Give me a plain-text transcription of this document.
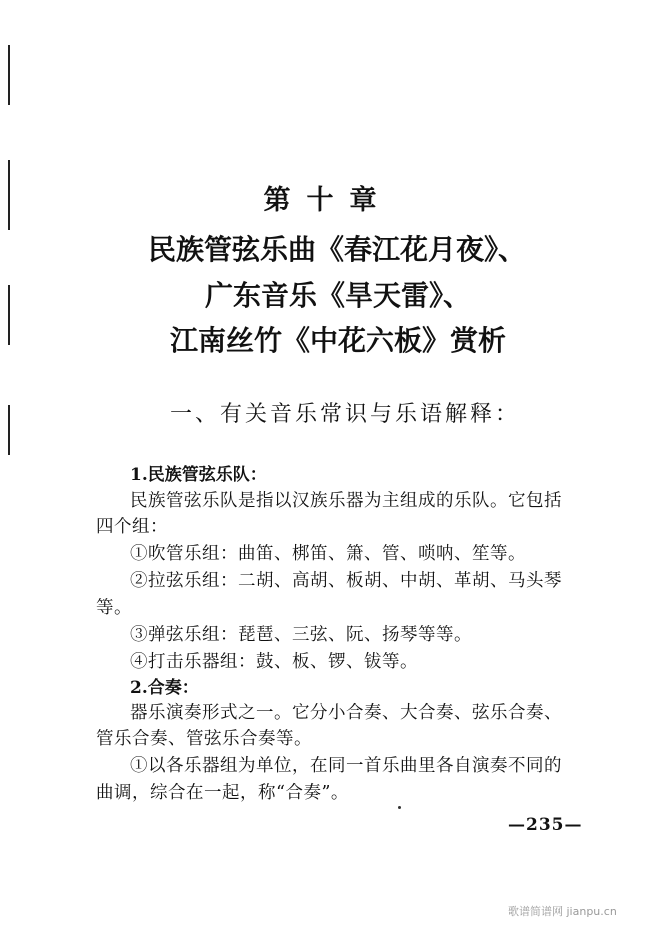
第十章
民族管弦乐曲《春江花月夜》、
广东音乐《旱天雷》、
江南丝竹《中花六板》赏析
一、有关音乐常识与乐语解释：
1.民族管弦乐队：
民族管弦乐队是指以汉族乐器为主组成的乐队。它包括
四个组：
①吹管乐组：曲笛、梆笛、箫、管、唢呐、笙等。
②拉弦乐组：二胡、高胡、板胡、中胡、革胡、马头琴
等。
③弹弦乐组：琵琶、三弦、阮、扬琴等等。
④打击乐器组：鼓、板、锣、钹等。
2.合奏：
器乐演奏形式之一。它分小合奏、大合奏、弦乐合奏、
管乐合奏、管弦乐合奏等。
①以各乐器组为单位，在同一首乐曲里各自演奏不同的
曲调，综合在一起，称“合奏”。
—235—
歌谱简谱网 jianpu.cn
